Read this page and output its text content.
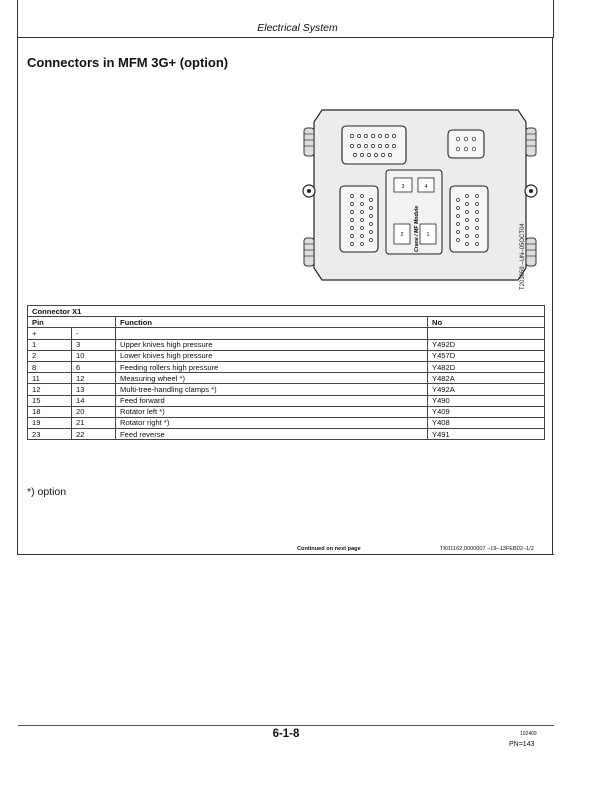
Electrical System
Connectors in MFM 3G+ (option)
3	4
2	1
Crane / MF Module	T203659 –UN–05OCT04
Connector X1			
Pin		Function	No
+	-		
1	3	Upper knives high pressure	Y492D
2	10	Lower knives high pressure	Y457D
8	6	Feeding rollers high pressure	Y482D
11	12	Measuring wheel *)	Y482A
12	13	Multi-tree-handling clamps *)	Y492A
15	14	Feed forward	Y490
18	20	Rotator left *)	Y409
19	21	Rotator right *)	Y408
23	22	Feed reverse	Y491
*) option
Continued on next page	TK01162,0000007 –19–13FEB02–1/2
6-1-8	102409
PN=143
